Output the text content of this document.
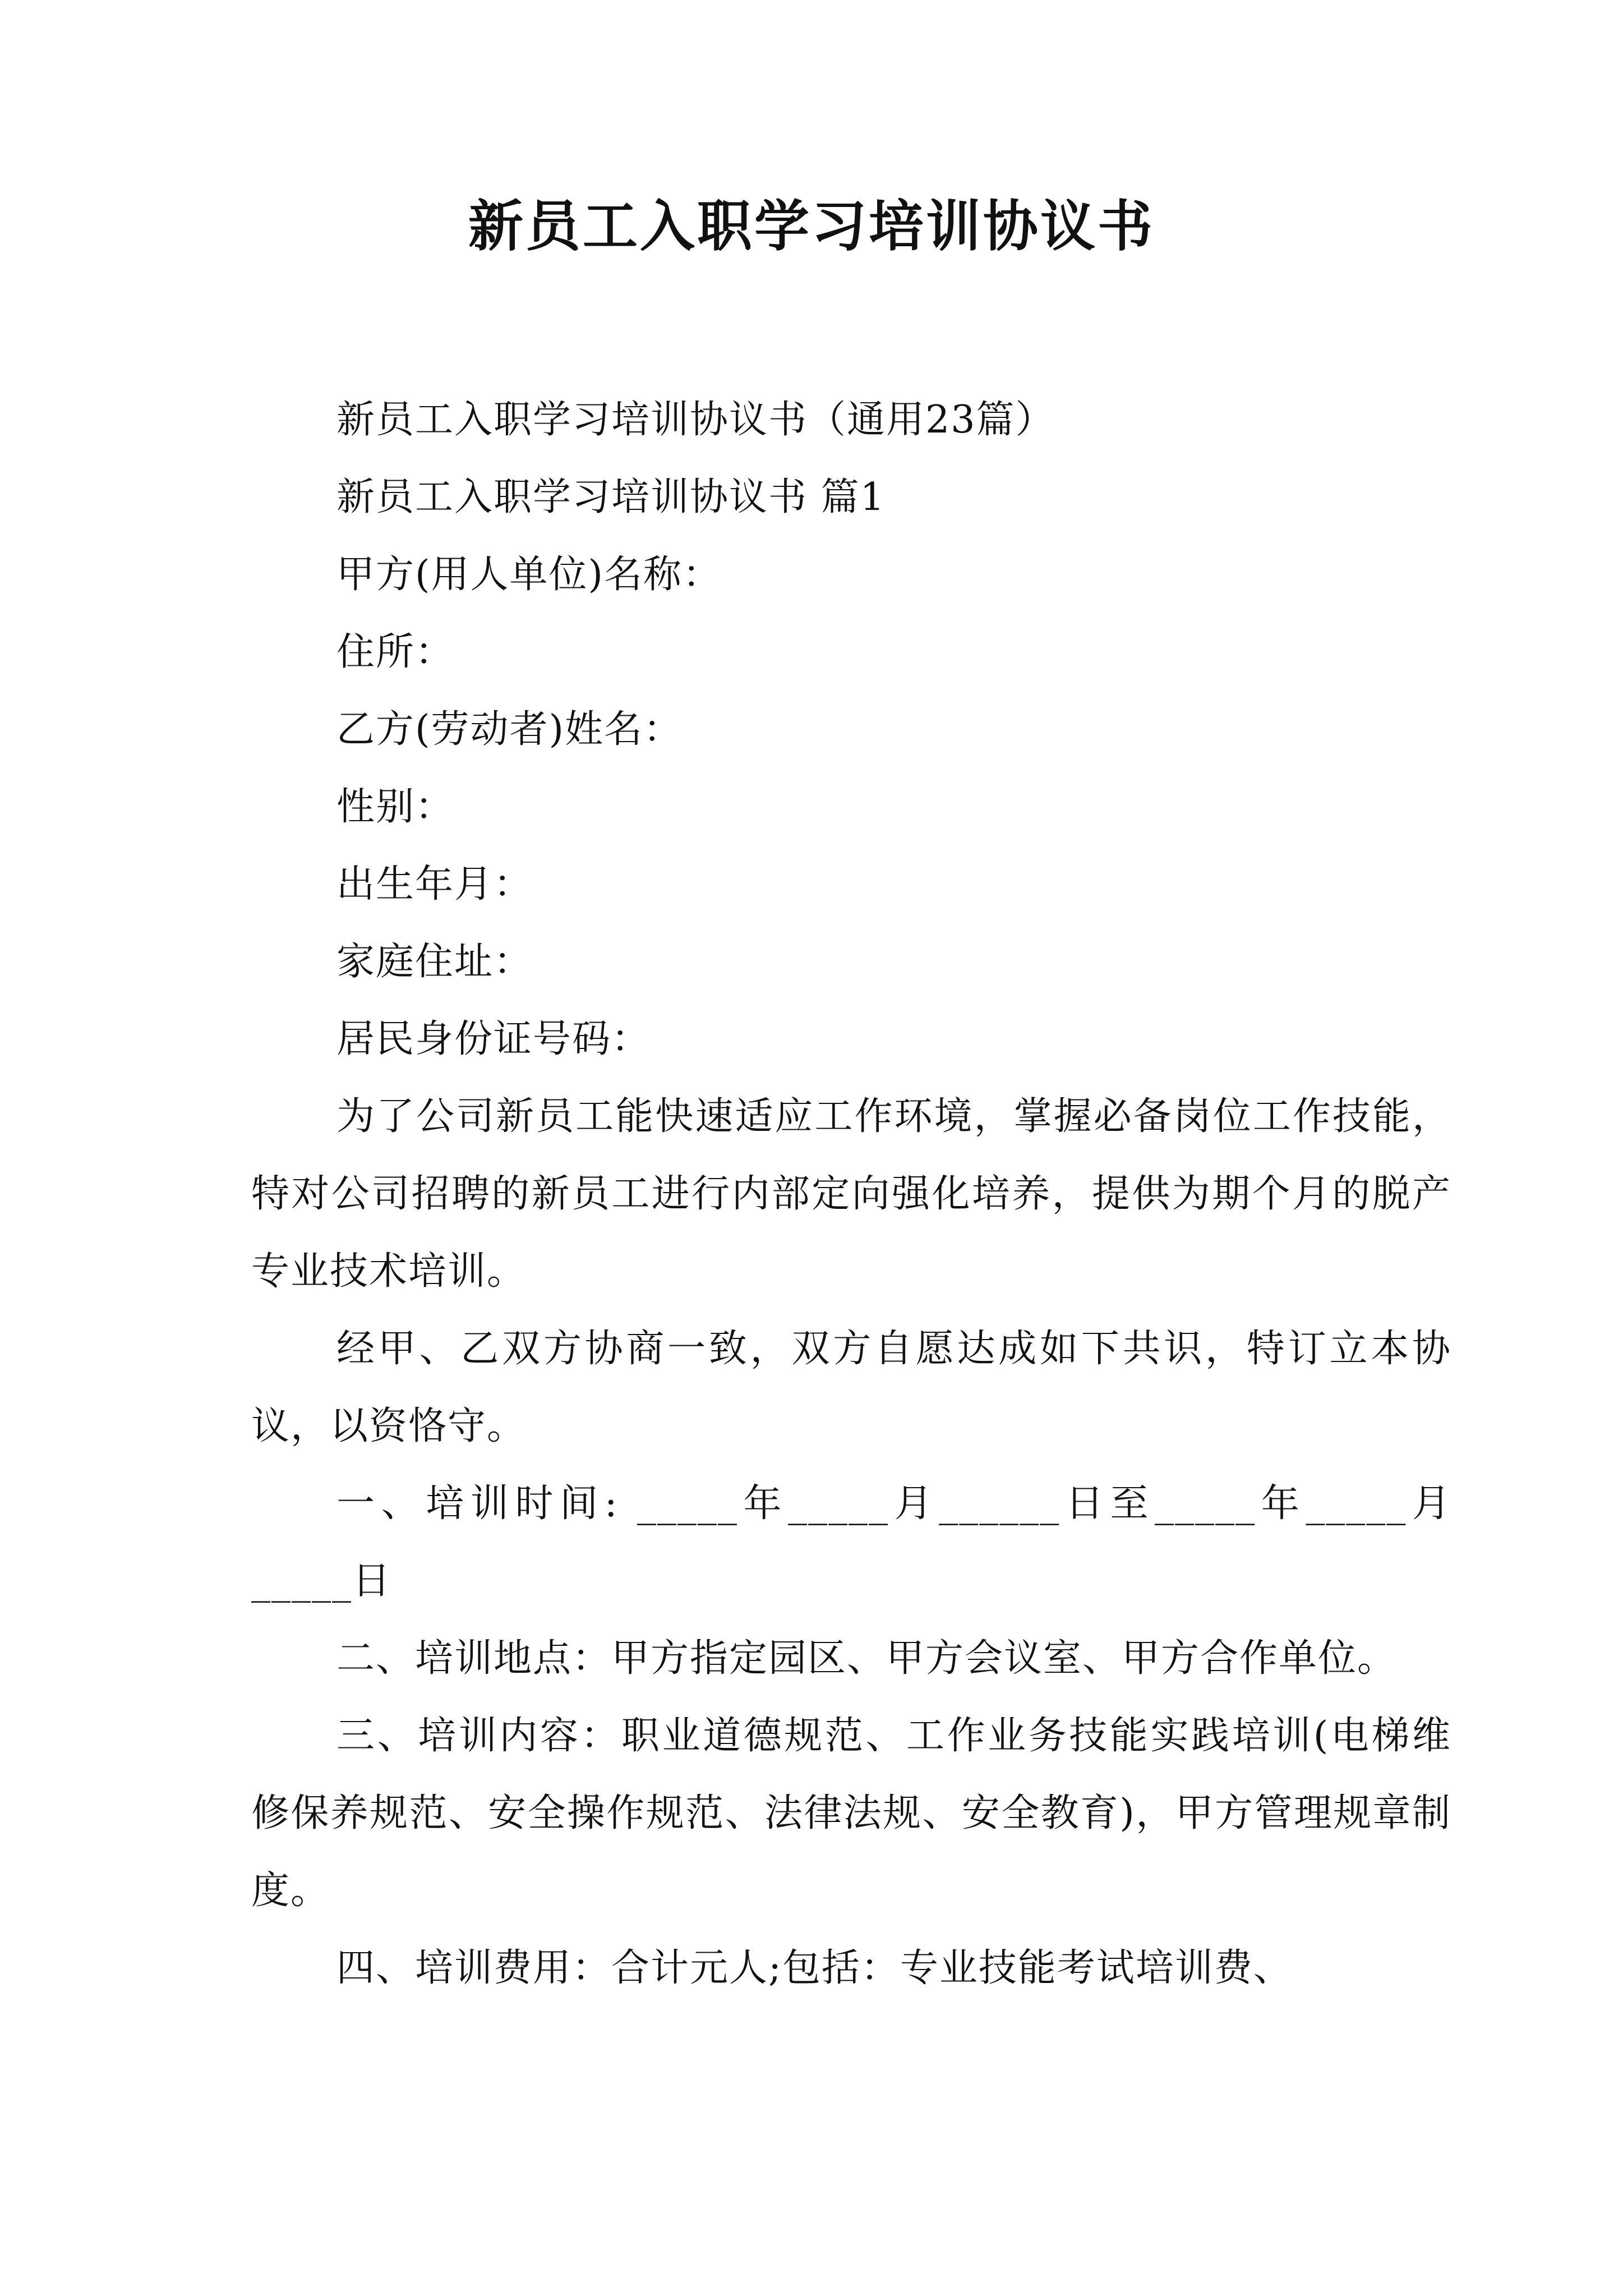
新员工入职学习培训协议书

新员工入职学习培训协议书（通用23篇）

新员工入职学习培训协议书 篇1

甲方(用人单位)名称：

住所：

乙方(劳动者)姓名：

性别：

出生年月：

家庭住址：

居民身份证号码：

为了公司新员工能快速适应工作环境，掌握必备岗位工作技能，特对公司招聘的新员工进行内部定向强化培养，提供为期个月的脱产专业技术培训。

经甲、乙双方协商一致，双方自愿达成如下共识，特订立本协议，以资恪守。

一、培训时间: _____年_____月______日至_____年_____月_____日

二、培训地点：甲方指定园区、甲方会议室、甲方合作单位。

三、培训内容：职业道德规范、工作业务技能实践培训(电梯维修保养规范、安全操作规范、法律法规、安全教育)，甲方管理规章制度。

四、培训费用：合计元人;包括：专业技能考试培训费、
